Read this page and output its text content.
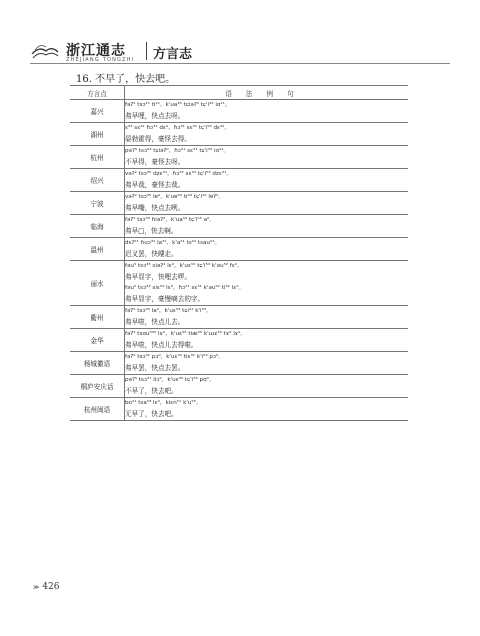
浙江通志
ZHEJIANG TONGZHI 方言志
16. 不早了，快去吧。
方言点	语法例句
嘉兴	fəʔ⁵ tsɔ²¹ ti²¹，k'ua³³ tɕiəʔ⁵ tɕ'i³³ iɑ²¹。
弗早哩，快点去呀。

湖州	ɛ⁵³ sɛ³¹ ɦɔ³¹ dɛ⁰，ɦɔ³¹ sɛ³¹ tɕ'i⁵³ dɛ³¹。
晏勃霍得，豪怪去得。

杭州	pəʔ⁵ tsɔ⁵³ tɕiəʔ⁰，ɦɔ²¹ sɛ³¹ tɕ'i³³ iɑ²¹。
不早得，豪怪去呀。

绍兴	vəʔ² tsɔ³⁵ dzɛ³¹，ɦɔ²² sɛ³³ tɕ'i⁵³ dzɛ³¹。
弗早哉，豪怪去哉。

宁波	vəʔ² tsɔ³⁵ lɐ⁰，k'uɐ³³ ti³³ tɕ'i⁴⁴ lɐʔ²。
弗早嘞，快点去咧。

临海	fəʔ⁵ tsɔ⁵³ ɦiəʔ²，k'ua⁵⁵ tɕ'i⁵⁵ a⁰。
弗早□，快去啊。

温州	dɛʔ²¹ ɦuɔ³¹ la³¹，k'a⁵¹ lo²² tsau²¹。
迟叉罢，快嘍走。

丽水	fəu⁵ tsɔ³³ siəʔ⁴ lɛ⁰，k'uɛ⁵² tɕ'i⁵³ k'əu⁵² fɛ⁰。
弗早显字，快哩去啰。
fəu⁵ tsɔ³³ siɛ⁵⁴ lɛ⁰，ɦɔ²¹ sɛ³¹ k'əu⁵² ti⁵² lɛ⁰。
弗早显字，豪慢嘀去的字。

衢州	fəʔ⁵ tsɔ³⁵ la⁰，k'uɛ⁵³ tɕi²¹ k'i⁵³。
弗早啦，快点儿去。

金华	fəʔ³ tsɑu⁵³⁵ lɤ⁰，k'uɛ⁵⁵ tiæ⁵⁵ k'ɯɤ⁵⁵ tɤ⁰ lɤ⁰。
弗早啦，快点儿去得啦。

杨城徽语	fəʔ⁵ tsɔ³¹ pɔ⁰，k'uɛ⁵⁵ tiɛ³¹ k'i⁵³ pɔ⁰。
弗早罢，快点去罢。

桐庐安庆话	pəʔ⁵ tsɔ²¹ liɔ⁰，k'uɛ³⁵ tɕ'i⁵³ pɑ⁰。
不早了，快去吧。

杭州闽语	bo²¹ tsa⁵³ lɛ⁰，kiɛn⁵¹ k'u⁵⁵。
无早了，快去吧。
≫ 426
